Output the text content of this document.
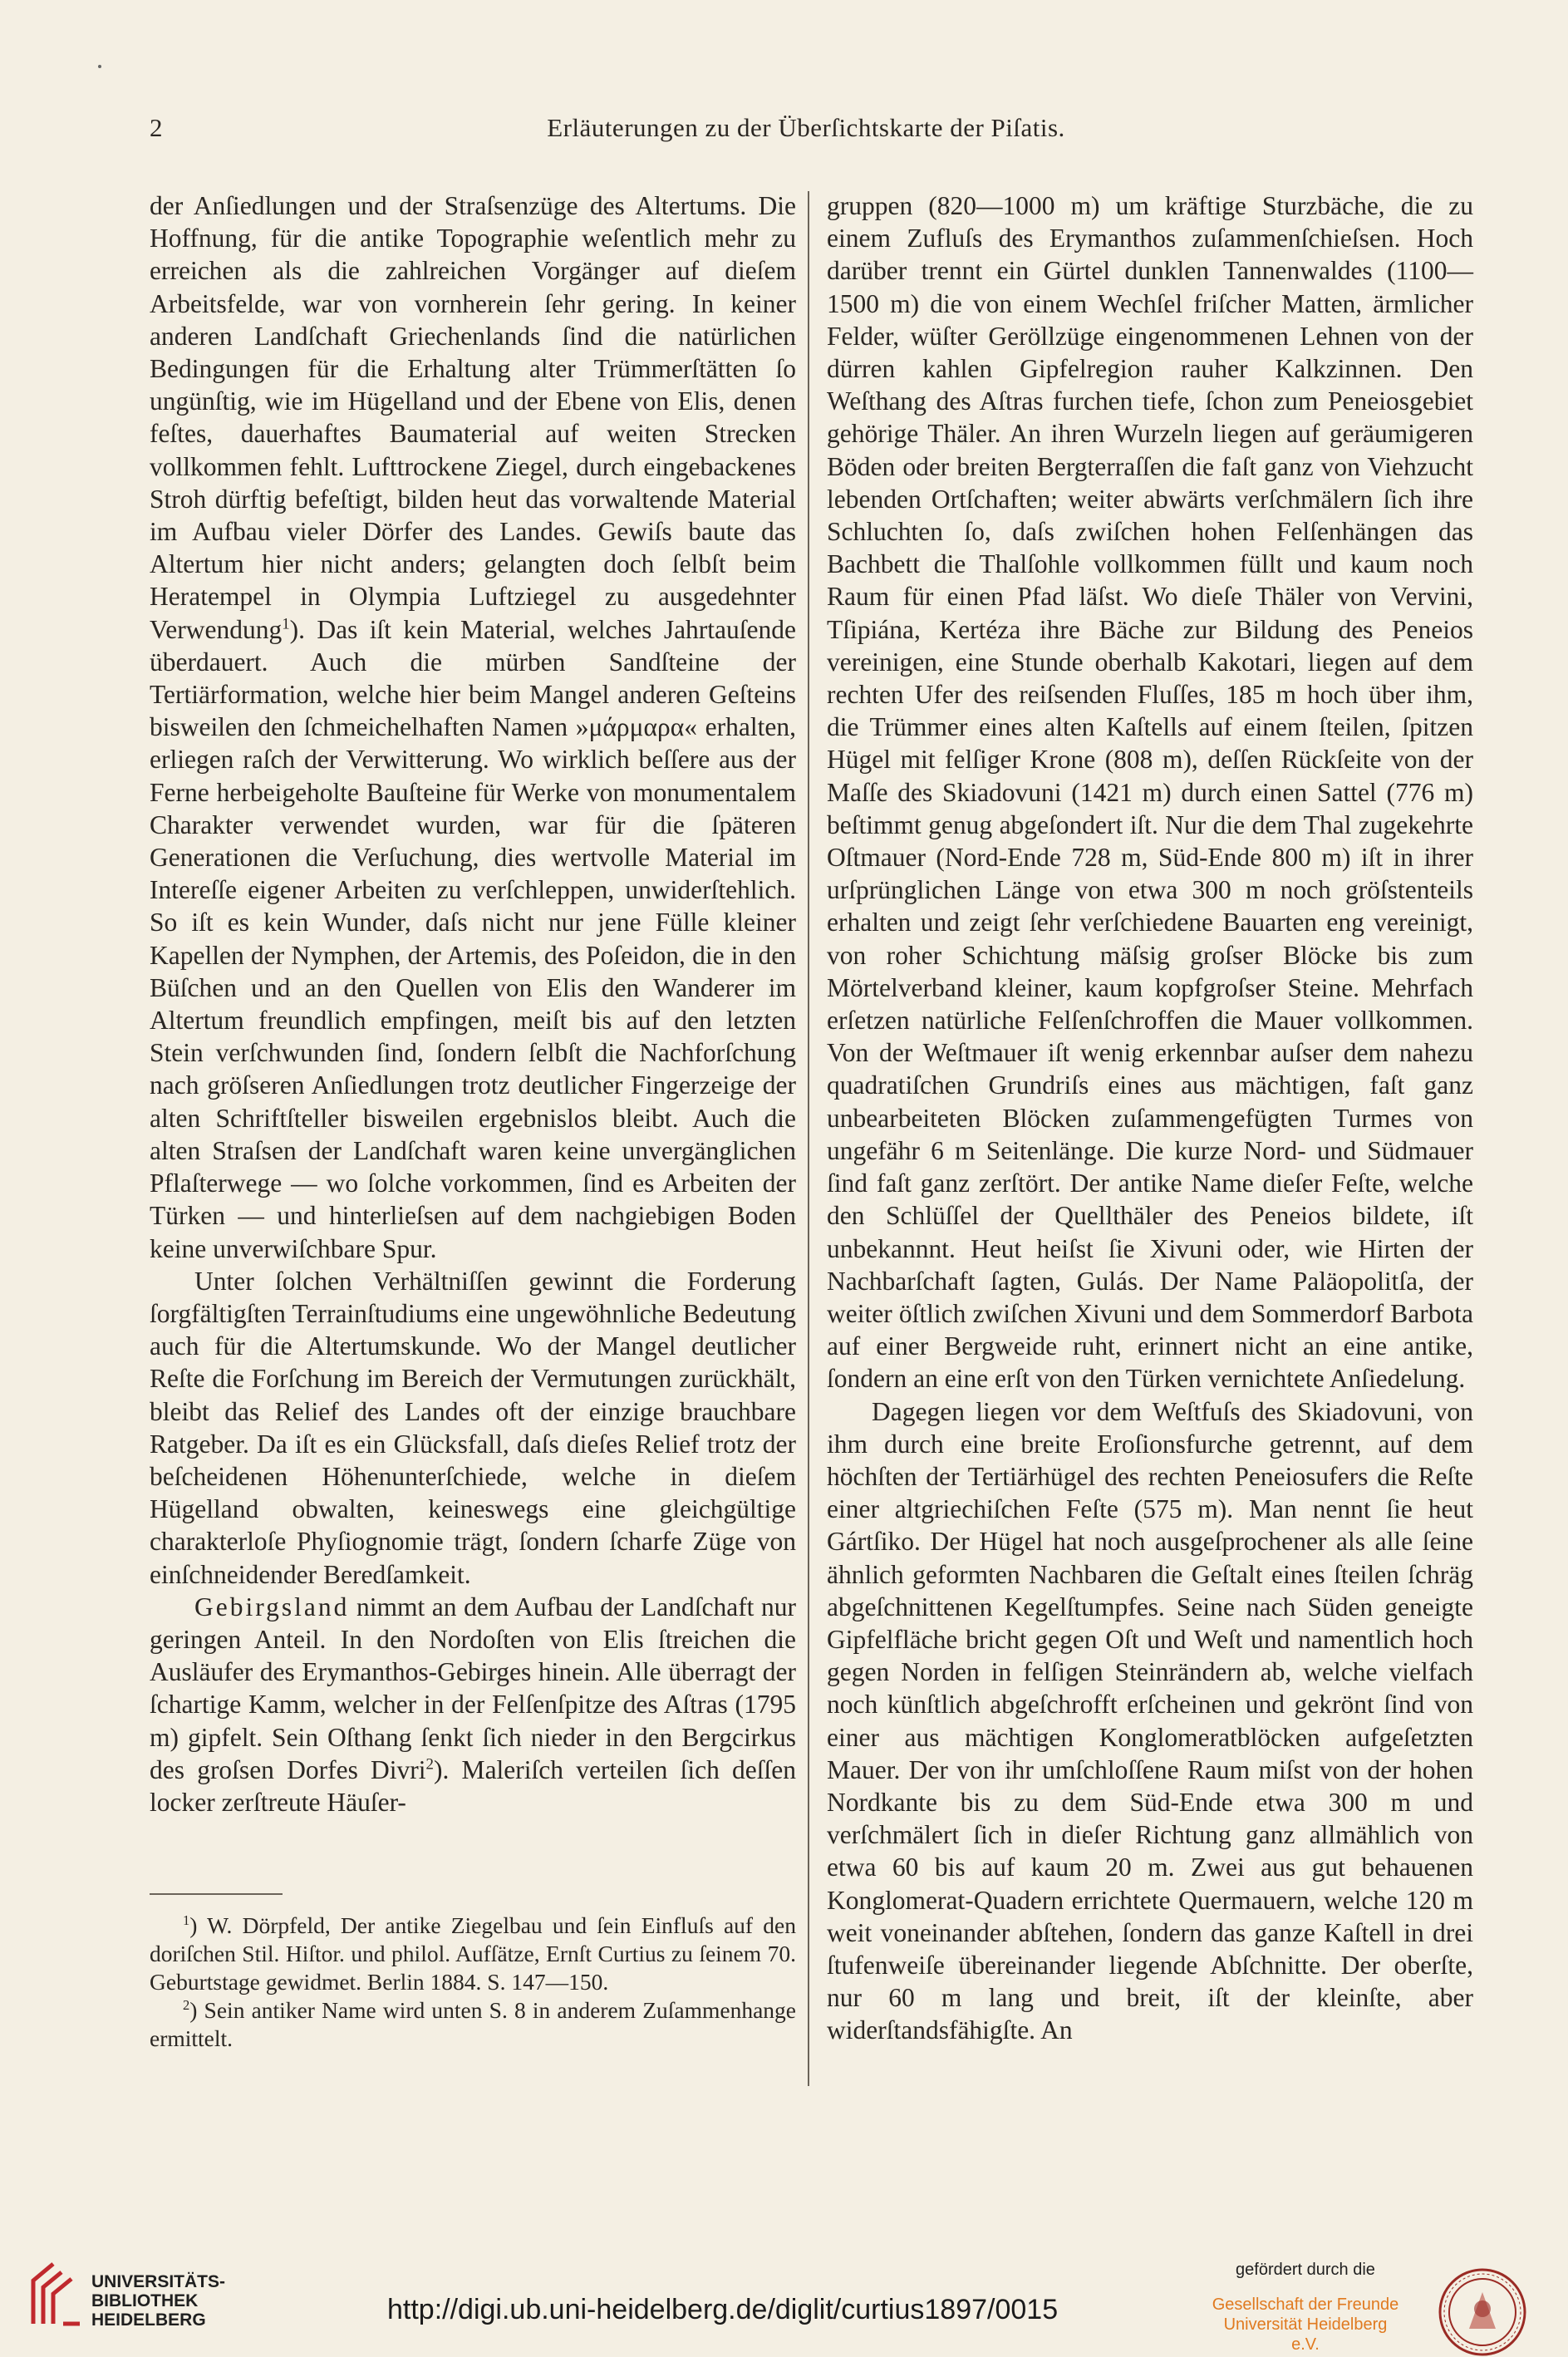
2	Erläuterungen zu der Überſichtskarte der Piſatis.

der Anſiedlungen und der Straſsenzüge des Altertums. Die Hoffnung, für die antike Topographie weſentlich mehr zu erreichen als die zahlreichen Vorgänger auf dieſem Arbeitsfelde, war von vornherein ſehr gering. In keiner anderen Landſchaft Griechenlands ſind die natürlichen Bedingungen für die Erhaltung alter Trümmerſtätten ſo ungünſtig, wie im Hügelland und der Ebene von Elis, denen feſtes, dauerhaftes Baumaterial auf weiten Strecken vollkommen fehlt. Lufttrockene Ziegel, durch eingebackenes Stroh dürftig befeſtigt, bilden heut das vorwaltende Material im Aufbau vieler Dörfer des Landes. Gewiſs baute das Altertum hier nicht anders; gelangten doch ſelbſt beim Heratempel in Olympia Luftziegel zu ausgedehnter Verwendung$^1$). Das iſt kein Material, welches Jahrtauſende überdauert. Auch die mürben Sandſteine der Tertiärformation, welche hier beim Mangel anderen Geſteins bisweilen den ſchmeichelhaften Namen »μάρμαρα« erhalten, erliegen raſch der Verwitterung. Wo wirklich beſſere aus der Ferne herbeigeholte Bauſteine für Werke von monumentalem Charakter verwendet wurden, war für die ſpäteren Generationen die Verſuchung, dies wertvolle Material im Intereſſe eigener Arbeiten zu verſchleppen, unwiderſtehlich. So iſt es kein Wunder, daſs nicht nur jene Fülle kleiner Kapellen der Nymphen, der Artemis, des Poſeidon, die in den Büſchen und an den Quellen von Elis den Wanderer im Altertum freundlich empfingen, meiſt bis auf den letzten Stein verſchwunden ſind, ſondern ſelbſt die Nachforſchung nach gröſseren Anſiedlungen trotz deutlicher Fingerzeige der alten Schriftſteller bisweilen ergebnislos bleibt. Auch die alten Straſsen der Landſchaft waren keine unvergänglichen Pflaſterwege — wo ſolche vorkommen, ſind es Arbeiten der Türken — und hinterlieſsen auf dem nachgiebigen Boden keine unverwiſchbare Spur.

Unter ſolchen Verhältniſſen gewinnt die Forderung ſorgfältigſten Terrainſtudiums eine ungewöhnliche Bedeutung auch für die Altertumskunde. Wo der Mangel deutlicher Reſte die Forſchung im Bereich der Vermutungen zurückhält, bleibt das Relief des Landes oft der einzige brauchbare Ratgeber. Da iſt es ein Glücksfall, daſs dieſes Relief trotz der beſcheidenen Höhenunterſchiede, welche in dieſem Hügelland obwalten, keineswegs eine gleichgültige charakterloſe Phyſiognomie trägt, ſondern ſcharfe Züge von einſchneidender Beredſamkeit.

Gebirgsland nimmt an dem Aufbau der Landſchaft nur geringen Anteil. In den Nordoſten von Elis ſtreichen die Ausläufer des Erymanthos-Gebirges hinein. Alle überragt der ſchartige Kamm, welcher in der Felſenſpitze des Aſtras (1795 m) gipfelt. Sein Oſthang ſenkt ſich nieder in den Bergcirkus des groſsen Dorfes Divri$^2$). Maleriſch verteilen ſich deſſen locker zerſtreute Häuſer-

gruppen (820—1000 m) um kräftige Sturzbäche, die zu einem Zufluſs des Erymanthos zuſammenſchieſsen. Hoch darüber trennt ein Gürtel dunklen Tannenwaldes (1100—1500 m) die von einem Wechſel friſcher Matten, ärmlicher Felder, wüſter Geröllzüge eingenommenen Lehnen von der dürren kahlen Gipfelregion rauher Kalkzinnen. Den Weſthang des Aſtras furchen tiefe, ſchon zum Peneiosgebiet gehörige Thäler. An ihren Wurzeln liegen auf geräumigeren Böden oder breiten Bergterraſſen die faſt ganz von Viehzucht lebenden Ortſchaften; weiter abwärts verſchmälern ſich ihre Schluchten ſo, daſs zwiſchen hohen Felſenhängen das Bachbett die Thalſohle vollkommen füllt und kaum noch Raum für einen Pfad läſst. Wo dieſe Thäler von Vervini, Tſipiána, Kertéza ihre Bäche zur Bildung des Peneios vereinigen, eine Stunde oberhalb Kakotari, liegen auf dem rechten Ufer des reiſsenden Fluſſes, 185 m hoch über ihm, die Trümmer eines alten Kaſtells auf einem ſteilen, ſpitzen Hügel mit felſiger Krone (808 m), deſſen Rückſeite von der Maſſe des Skiadovuni (1421 m) durch einen Sattel (776 m) beſtimmt genug abgeſondert iſt. Nur die dem Thal zugekehrte Oſtmauer (Nord-Ende 728 m, Süd-Ende 800 m) iſt in ihrer urſprünglichen Länge von etwa 300 m noch gröſstenteils erhalten und zeigt ſehr verſchiedene Bauarten eng vereinigt, von roher Schichtung mäſsig groſser Blöcke bis zum Mörtelverband kleiner, kaum kopfgroſser Steine. Mehrfach erſetzen natürliche Felſenſchroffen die Mauer vollkommen. Von der Weſtmauer iſt wenig erkennbar auſser dem nahezu quadratiſchen Grundriſs eines aus mächtigen, faſt ganz unbearbeiteten Blöcken zuſammengefügten Turmes von ungefähr 6 m Seitenlänge. Die kurze Nord- und Südmauer ſind faſt ganz zerſtört. Der antike Name dieſer Feſte, welche den Schlüſſel der Quellthäler des Peneios bildete, iſt unbekannnt. Heut heiſst ſie Xivuni oder, wie Hirten der Nachbarſchaft ſagten, Gulás. Der Name Paläopolitſa, der weiter öſtlich zwiſchen Xivuni und dem Sommerdorf Barbota auf einer Bergweide ruht, erinnert nicht an eine antike, ſondern an eine erſt von den Türken vernichtete Anſiedelung.

Dagegen liegen vor dem Weſtfuſs des Skiadovuni, von ihm durch eine breite Eroſionsfurche getrennt, auf dem höchſten der Tertiärhügel des rechten Peneiosufers die Reſte einer altgriechiſchen Feſte (575 m). Man nennt ſie heut Gártſiko. Der Hügel hat noch ausgeſprochener als alle ſeine ähnlich geformten Nachbaren die Geſtalt eines ſteilen ſchräg abgeſchnittenen Kegelſtumpfes. Seine nach Süden geneigte Gipfelfläche bricht gegen Oſt und Weſt und namentlich hoch gegen Norden in felſigen Steinrändern ab, welche vielfach noch künſtlich abgeſchrofft erſcheinen und gekrönt ſind von einer aus mächtigen Konglomeratblöcken aufgeſetzten Mauer. Der von ihr umſchloſſene Raum miſst von der hohen Nordkante bis zu dem Süd-Ende etwa 300 m und verſchmälert ſich in dieſer Richtung ganz allmählich von etwa 60 bis auf kaum 20 m. Zwei aus gut behauenen Konglomerat-Quadern errichtete Quermauern, welche 120 m weit voneinander abſtehen, ſondern das ganze Kaſtell in drei ſtufenweiſe übereinander liegende Abſchnitte. Der oberſte, nur 60 m lang und breit, iſt der kleinſte, aber widerſtandsfähigſte. An

$^1$) W. Dörpfeld, Der antike Ziegelbau und ſein Einfluſs auf den doriſchen Stil. Hiſtor. und philol. Aufſätze, Ernſt Curtius zu ſeinem 70. Geburtstage gewidmet. Berlin 1884. S. 147—150.

$^2$) Sein antiker Name wird unten S. 8 in anderem Zuſammenhange ermittelt.

UNIVERSITÄTS-
BIBLIOTHEK
HEIDELBERG	http://digi.ub.uni-heidelberg.de/diglit/curtius1897/0015
gefördert durch die
Gesellschaft der Freunde
Universität Heidelberg e.V.
